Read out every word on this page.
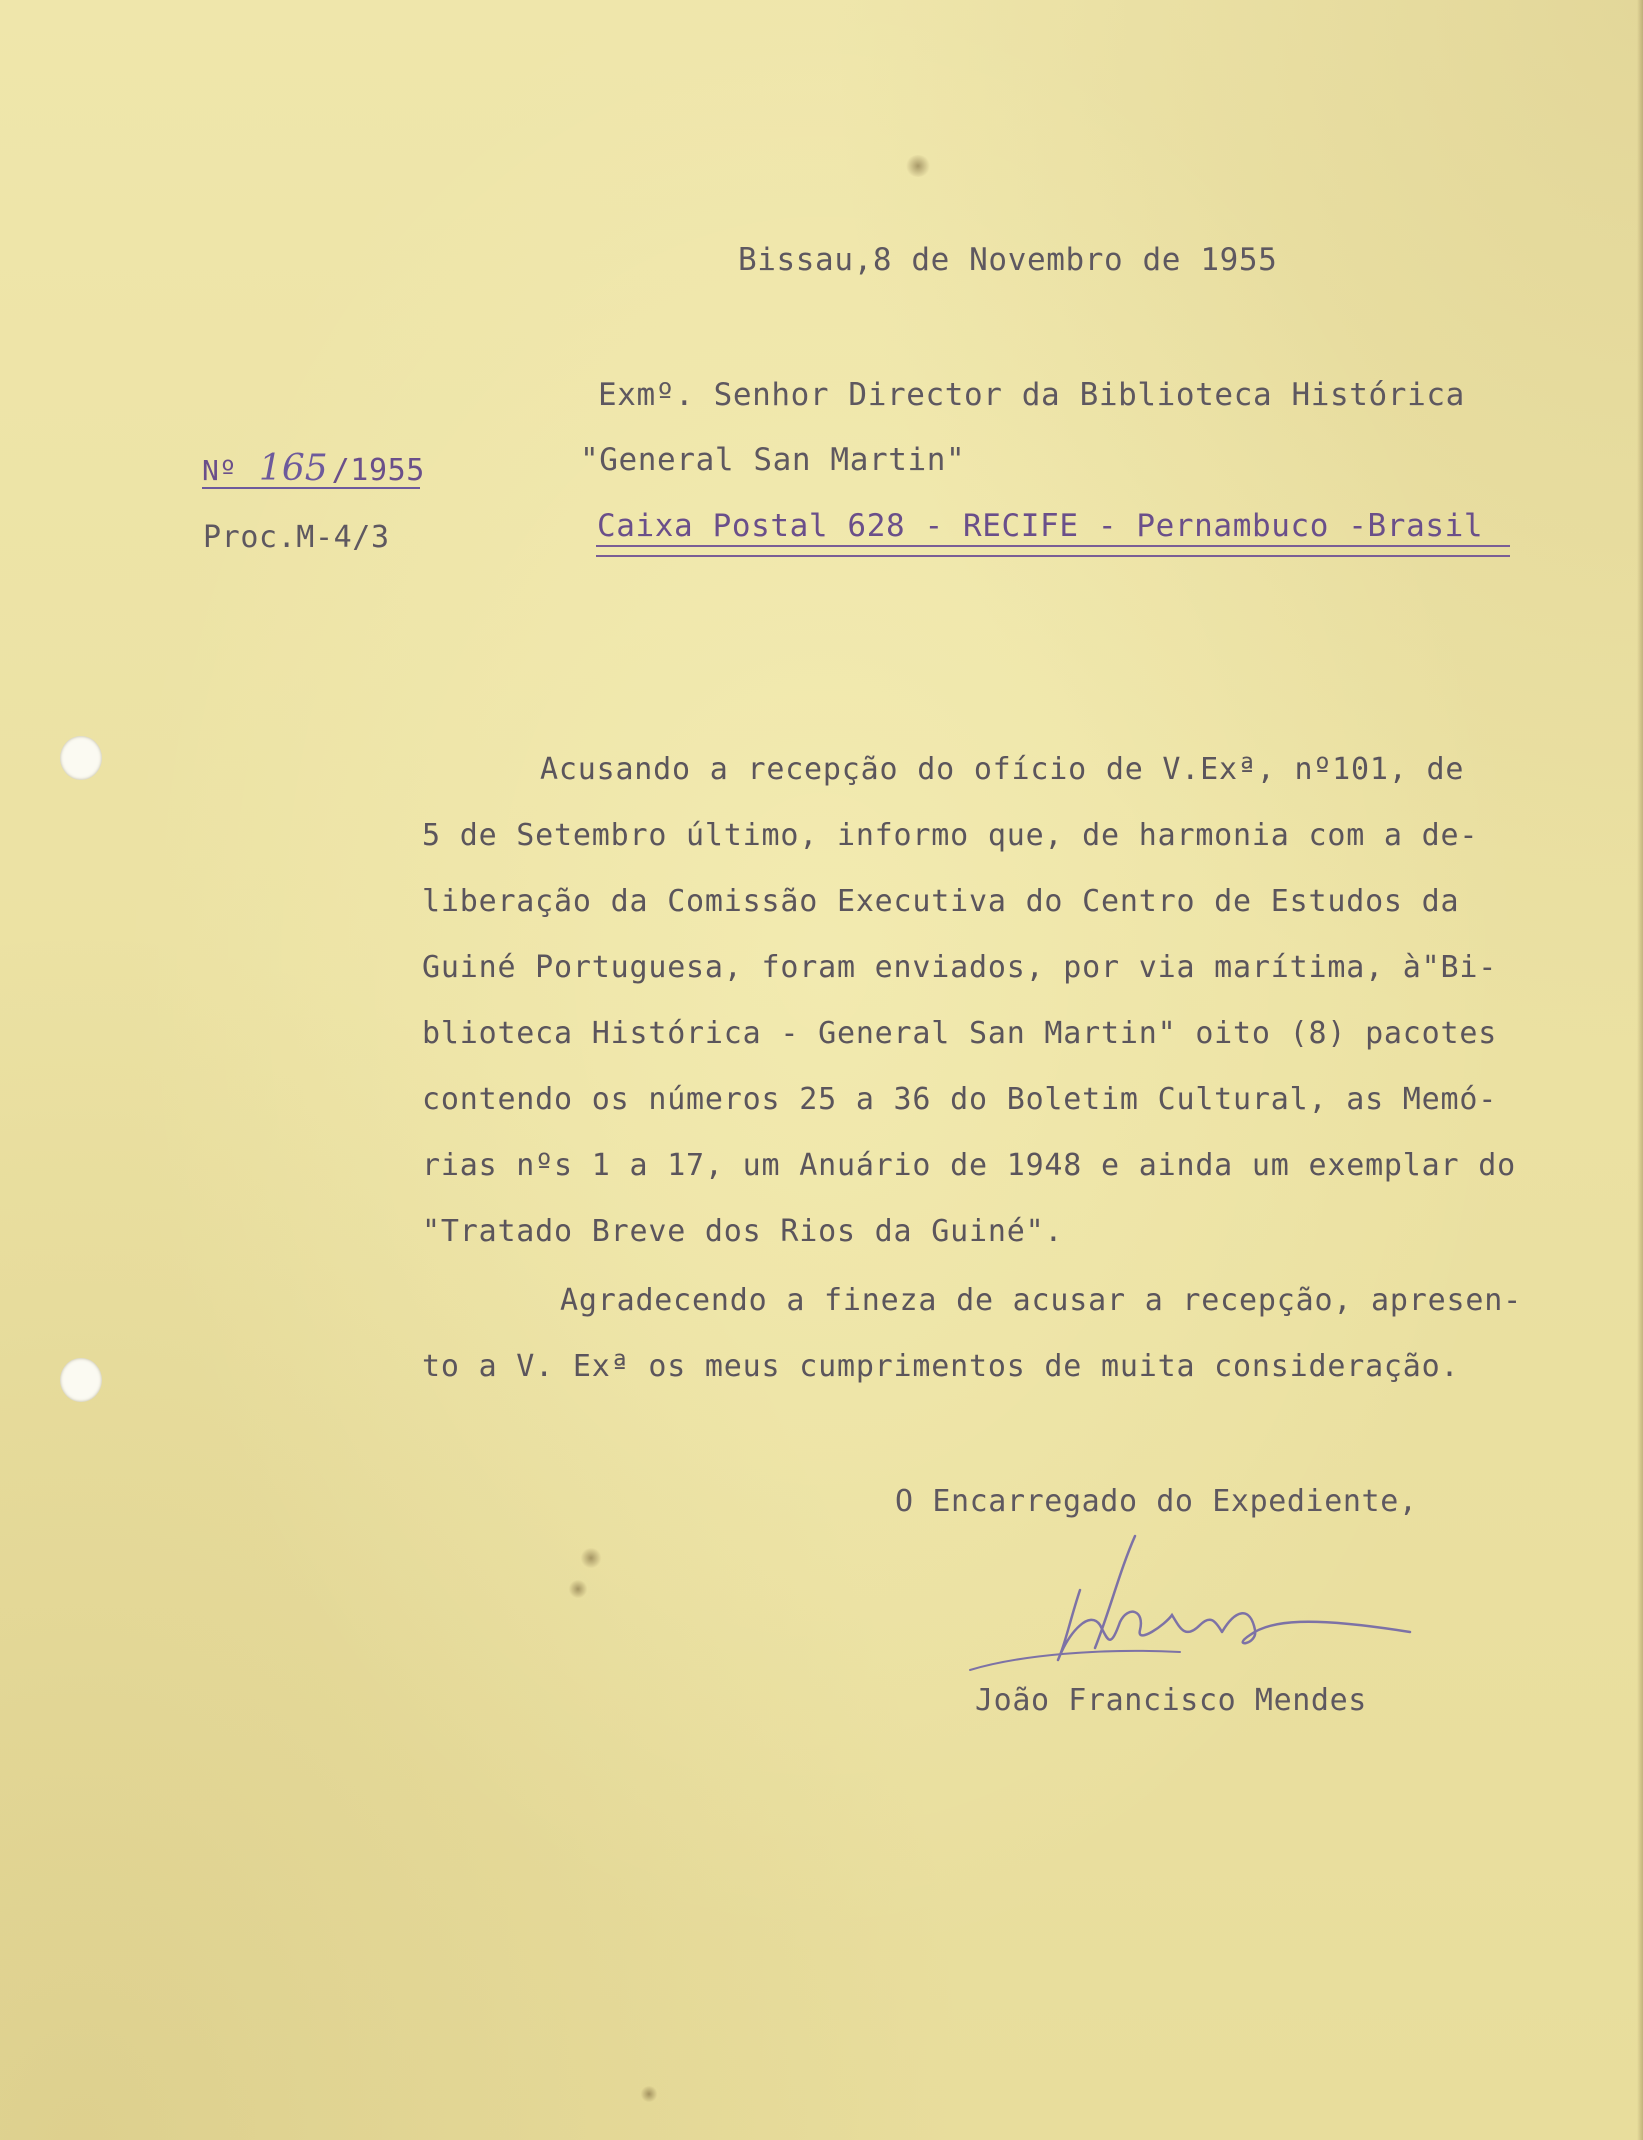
Bissau,8 de Novembro de 1955
Nº 165 /1955
Proc.M-4/3
Exmº. Senhor Director da Biblioteca Histórica
"General San Martin"
Caixa Postal 628 - RECIFE - Pernambuco -Brasil
Acusando a recepção do ofício de V.Exª, nº101, de
5 de Setembro último, informo que, de harmonia com a de-
liberação da Comissão Executiva do Centro de Estudos da
Guiné Portuguesa, foram enviados, por via marítima, à"Bi-
blioteca Histórica - General San Martin" oito (8) pacotes
contendo os números 25 a 36 do Boletim Cultural, as Memó-
rias nºs 1 a 17, um Anuário de 1948 e ainda um exemplar do
"Tratado Breve dos Rios da Guiné".
Agradecendo a fineza de acusar a recepção, apresen-
to a V. Exª os meus cumprimentos de muita consideração.
O Encarregado do Expediente,
João Francisco Mendes
